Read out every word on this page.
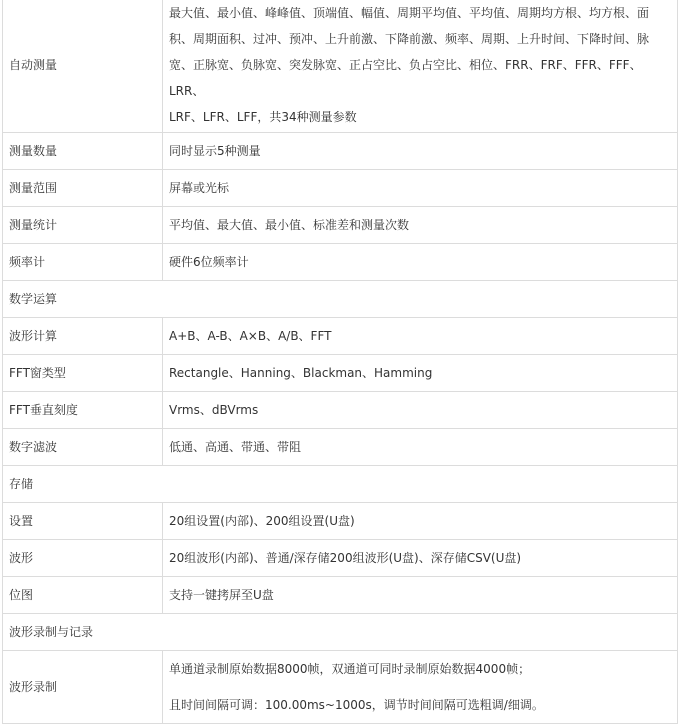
自动测量	最大值、最小值、峰峰值、顶端值、幅值、周期平均值、平均值、周期均方根、均方根、面
积、周期面积、过冲、预冲、上升前激、下降前激、频率、周期、上升时间、下降时间、脉
宽、正脉宽、负脉宽、突发脉宽、正占空比、负占空比、相位、FRR、FRF、FFR、FFF、LRR、
LRF、LFR、LFF，共34种测量参数

测量数量	同时显示5种测量
测量范围	屏幕或光标
测量统计	平均值、最大值、最小值、标准差和测量次数
频率计	硬件6位频率计
数学运算	
波形计算	A+B、A-B、A×B、A/B、FFT
FFT窗类型	Rectangle、Hanning、Blackman、Hamming
FFT垂直刻度	Vrms、dBVrms
数字滤波	低通、高通、带通、带阻
存储	
设置	20组设置(内部)、200组设置(U盘)
波形	20组波形(内部)、普通/深存储200组波形(U盘)、深存储CSV(U盘)
位图	支持一键拷屏至U盘
波形录制与记录	
波形录制	单通道录制原始数据8000帧，双通道可同时录制原始数据4000帧；
且时间间隔可调：100.00ms~1000s，调节时间间隔可选粗调/细调。
